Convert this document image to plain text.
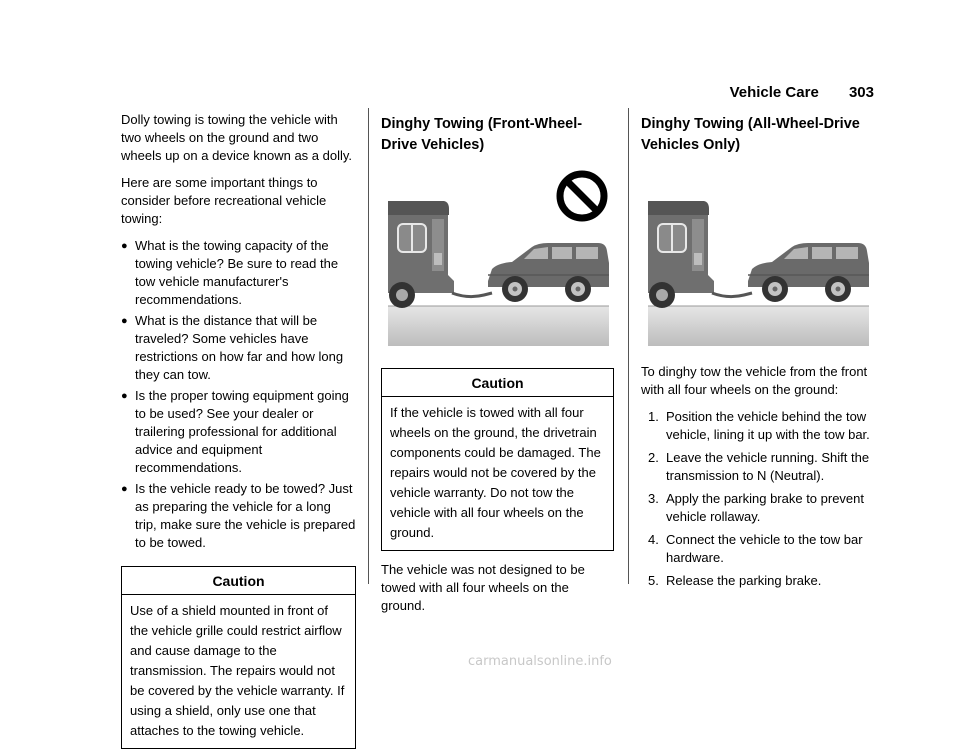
Vehicle Care 303

Dolly towing is towing the vehicle with two wheels on the ground and two wheels up on a device known as a dolly.

Here are some important things to consider before recreational vehicle towing:

● What is the towing capacity of the towing vehicle? Be sure to read the tow vehicle manufacturer's recommendations.
● What is the distance that will be traveled? Some vehicles have restrictions on how far and how long they can tow.
● Is the proper towing equipment going to be used? See your dealer or trailering professional for additional advice and equipment recommendations.
● Is the vehicle ready to be towed? Just as preparing the vehicle for a long trip, make sure the vehicle is prepared to be towed.
Caution
Use of a shield mounted in front of the vehicle grille could restrict airflow and cause damage to the transmission. The repairs would not be covered by the vehicle warranty. If using a shield, only use one that attaches to the towing vehicle.
Dinghy Towing (Front-Wheel-Drive Vehicles)
Caution
If the vehicle is towed with all four wheels on the ground, the drivetrain components could be damaged. The repairs would not be covered by the vehicle warranty. Do not tow the vehicle with all four wheels on the ground.

The vehicle was not designed to be towed with all four wheels on the ground.

Dinghy Towing (All-Wheel-Drive Vehicles Only)

To dinghy tow the vehicle from the front with all four wheels on the ground:

1. Position the vehicle behind the tow vehicle, lining it up with the tow bar.
2. Leave the vehicle running. Shift the transmission to N (Neutral).
3. Apply the parking brake to prevent vehicle rollaway.
4. Connect the vehicle to the tow bar hardware.
5. Release the parking brake.
carmanualsonline.info
